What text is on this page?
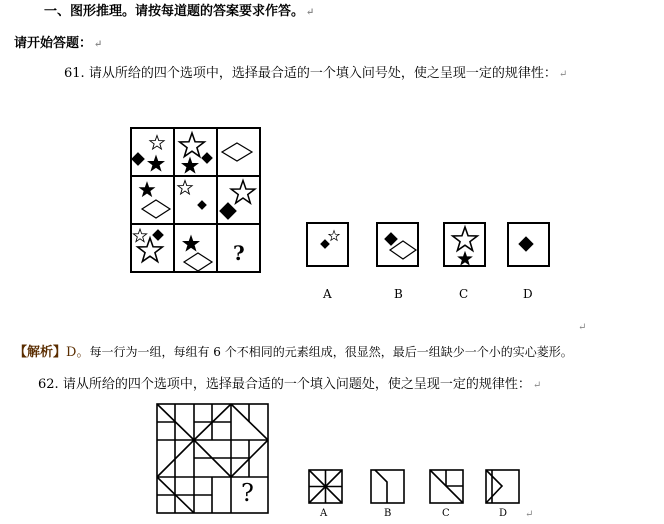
一、图形推理。请按每道题的答案要求作答。 ↵
请开始答题： ↵
61. 请从所给的四个选项中，选择最合适的一个填入问号处，使之呈现一定的规律性： ↵
?
A	B	C	D
↵
【解析】D。每一行为一组，每组有 6 个不相同的元素组成，很显然，最后一组缺少一个小的实心菱形。
62. 请从所给的四个选项中，选择最合适的一个填入问题处，使之呈现一定的规律性： ↵
?
A	B	C	D ↵
